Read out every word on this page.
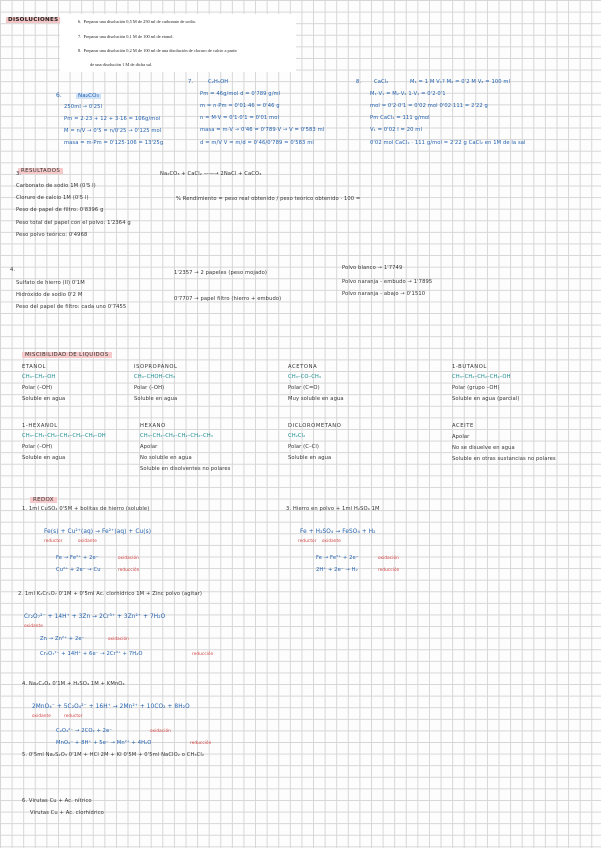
DISOLUCIONES	6. Preparar una disolución 0,5 M de 250 ml de carbonato de sodio.
7. Preparar una disolución 0,1 M de 100 ml de etanol.
8. Preparar una disolución 0,2 M de 100 ml de una disolución de cloruro de calcio a partir
de una disolución 1 M de dicha sal.
6.	Na₂CO₃
250ml → 0'25l
Pm = 2·23 + 12 + 3·16 = 106g/mol
M = n/V → 0'5 = n/0'25 → 0'125 mol
masa = m·Pm = 0'125·106 = 13'25g
7.	C₂H₅OH
Pm = 46g/mol d = 0'789 g/ml
m = n·Pm = 0'01·46 = 0'46 g
n = M·V = 0'1·0'1 = 0'01 mol
masa = m·V → 0'46 = 0'789·V → V = 0'583 ml
d = m/V V = m/d = 0'46/0'789 = 0'583 ml
8. CaCl₂	M₁ = 1 M V₁? M₂ = 0'2 M V₂ = 100 ml
M₁·V₁ = M₂·V₂ 1·V₁ = 0'2·0'1
mol = 0'2·0'1 = 0'02 mol 0'02·111 = 2'22 g
Pm CaCl₂ = 111 g/mol
V₁ = 0'02 l = 20 ml
0'02 mol CaCl₂ · 111 g/mol = 2'22 g CaCl₂ en 1M de la sal
RESULTADOS
3.	Na₂CO₃ + CaCl₂ ——→ 2NaCl + CaCO₃
Carbonato de sodio 1M (0'5 l)
Cloruro de calcio 1M (0'5 l)
Peso de papel de filtro: 0'8396 g
Peso total del papel con el polvo: 1'2364 g
Peso polvo teórico: 0'4968
% Rendimiento = peso real obtenido / peso teórico obtenido · 100 =
4.
Sulfato de hierro (II) 0'1M
Hidróxido de sodio 0'2 M
Peso del papel de filtro: cada uno 0'7455
1'2357 → 2 papeles (peso mojado)
0'7707 → papel filtro (hierro + embudo)
Polvo blanco → 1'7749
Polvo naranja - embudo → 1'7895
Polvo naranja - abajo → 0'1510
MISCIBILIDAD DE LIQUIDOS
ETANOL
CH₃–CH₂–OH
Polar (–OH)
Soluble en agua
ISOPROPANOL
CH₃–CHOH–CH₃
Polar (–OH)
Soluble en agua
ACETONA
CH₃–CO–CH₃
Polar (C=O)
Muy soluble en agua
1-BUTANOL
CH₃–CH₂–CH₂–CH₂–OH
Polar (grupo –OH)
Soluble en agua (parcial)
1-HEXANOL
CH₃–CH₂–CH₂–CH₂–CH₂–CH₂–OH
Polar (–OH)
Soluble en agua
HEXANO
CH₃–CH₂–CH₂–CH₂–CH₂–CH₃
Apolar
No soluble en agua
Soluble en disolventes no polares
DICLOROMETANO
CH₂Cl₂
Polar (C–Cl)
Soluble en agua
ACEITE
Apolar
No se disuelve en agua
Soluble en otras sustancias no polares
REDOX
1. 1ml CuSO₄ 0'5M + bolitas de hierro (soluble)
Fe(s) + Cu²⁺(aq) → Fe²⁺(aq) + Cu(s)
reductor	oxidante
Fe → Fe²⁺ + 2e⁻	oxidación
Cu²⁺ + 2e⁻ → Cu	reducción
3. Hierro en polvo + 1ml H₂SO₄ 1M
Fe + H₂SO₄ → FeSO₄ + H₂
reductor oxidante
Fe → Fe²⁺ + 2e⁻	oxidación
2H⁺ + 2e⁻ → H₂	reducción
2. 1ml K₂Cr₂O₇ 0'1M + 0'5ml Ac. clorhídrico 1M + Zinc polvo (agitar)
Cr₂O₇²⁻ + 14H⁺ + 3Zn → 2Cr³⁺ + 3Zn²⁺ + 7H₂O
oxidante
Zn → Zn²⁺ + 2e⁻	oxidación
Cr₂O₇²⁻ + 14H⁺ + 6e⁻ → 2Cr³⁺ + 7H₂O	reducción
4. Na₂C₂O₄ 0'1M + H₂SO₄ 1M + KMnO₄
2MnO₄⁻ + 5C₂O₄²⁻ + 16H⁺ → 2Mn²⁺ + 10CO₂ + 8H₂O
oxidante	reductor
C₂O₄²⁻ → 2CO₂ + 2e⁻	oxidación
MnO₄⁻ + 8H⁺ + 5e⁻ → Mn²⁺ + 4H₂O	reducción
5. 0'5ml Na₂S₂O₃ 0'1M + HCl 2M + KI 0'5M + 0'5ml NaClO₂ o CH₃Cl₂
6. Virutas Cu + Ac. nítrico
Virutas Cu + Ac. clorhídrico
